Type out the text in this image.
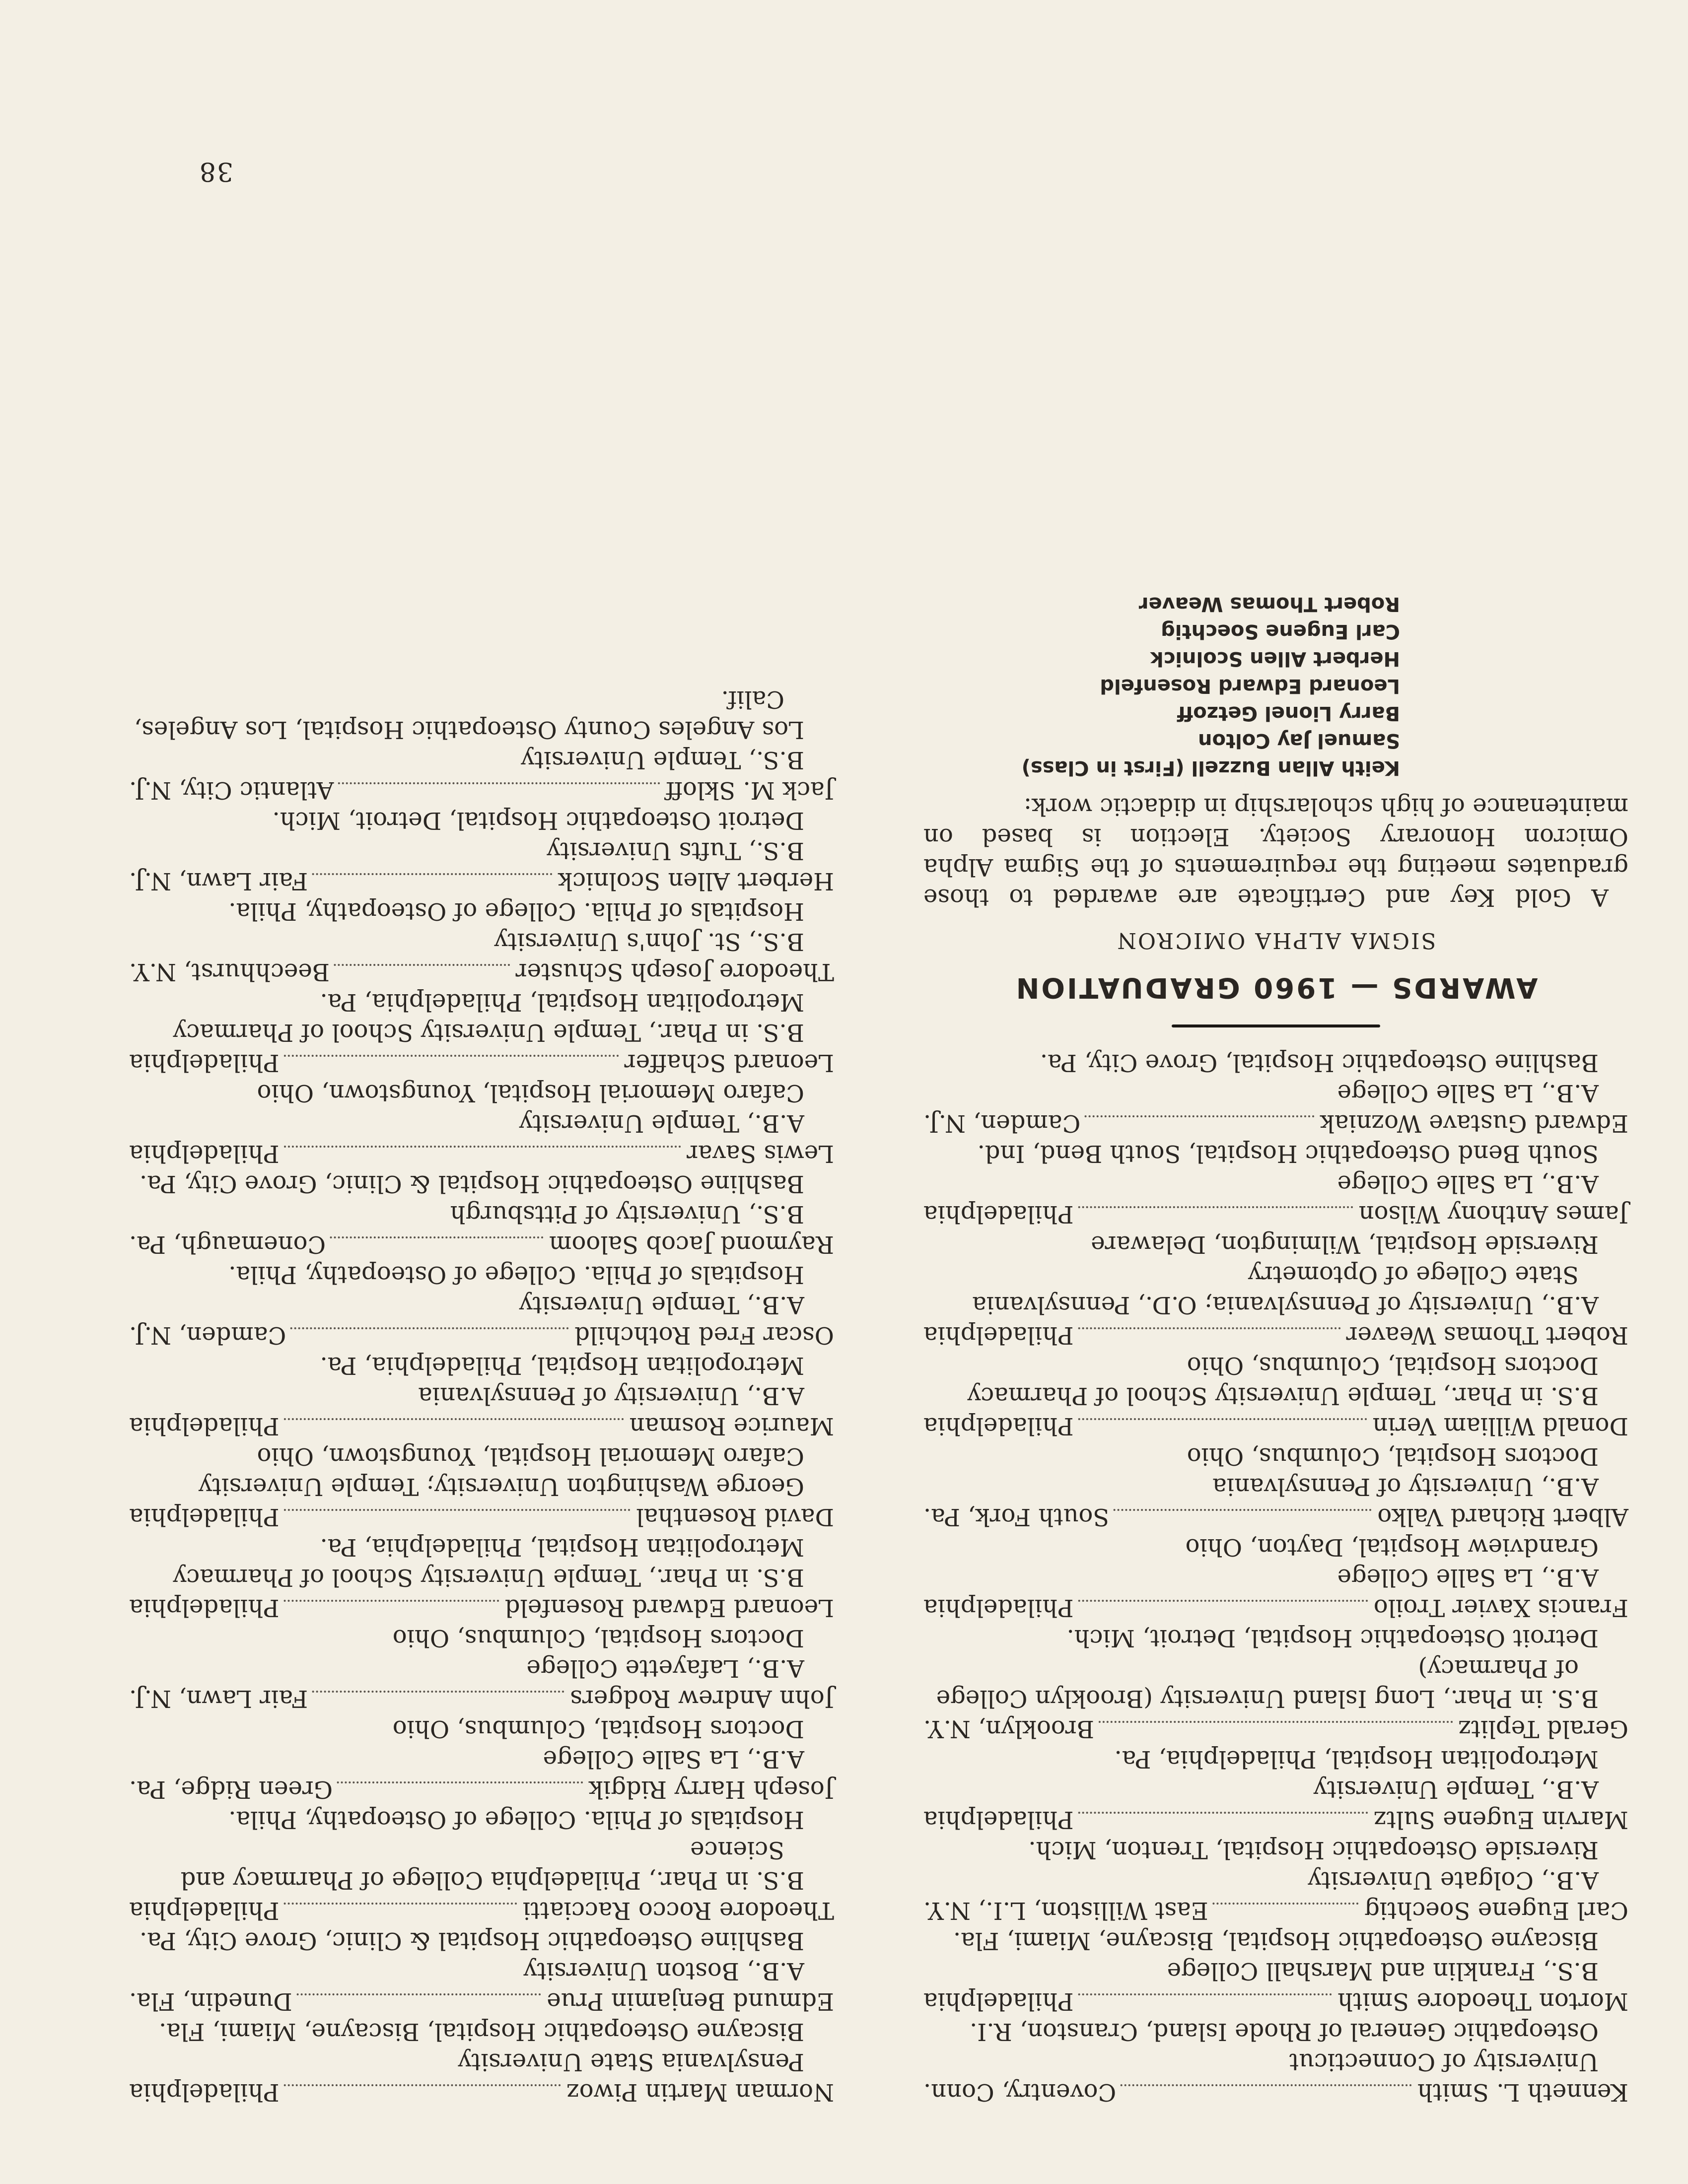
Kenneth L. Smith
Coventry, Conn.
University of Connecticut
Osteopathic General of Rhode Island, Cranston, R.I.
Morton Theodore Smith
Philadelphia
B.S., Franklin and Marshall College
Biscayne Osteopathic Hospital, Biscayne, Miami, Fla.
Carl Eugene Soechtig
East Williston, L.I., N.Y.
A.B., Colgate University
Riverside Osteopathic Hospital, Trenton, Mich.
Marvin Eugene Sultz
Philadelphia
A.B., Temple University
Metropolitan Hospital, Philadelphia, Pa.
Gerald Teplitz
Brooklyn, N.Y.
B.S. in Phar., Long Island University (Brooklyn College of Pharmacy)
Detroit Osteopathic Hospital, Detroit, Mich.
Francis Xavier Troilo
Philadelphia
A.B., La Salle College
Grandview Hospital, Dayton, Ohio
Albert Richard Valko
South Fork, Pa.
A.B., University of Pennsylvania
Doctors Hospital, Columbus, Ohio
Donald William Verin
Philadelphia
B.S. in Phar., Temple University School of Pharmacy
Doctors Hospital, Columbus, Ohio
Robert Thomas Weaver
Philadelphia
A.B., University of Pennsylvania; O.D., Pennsylvania State College of Optometry
Riverside Hospital, Wilmington, Delaware
James Anthony Wilson
Philadelphia
A.B., La Salle College
South Bend Osteopathic Hospital, South Bend, Ind.
Edward Gustave Wozniak
Camden, N.J.
A.B., La Salle College
Bashline Osteopathic Hospital, Grove City, Pa.
AWARDS — 1960 GRADUATION
SIGMA ALPHA OMICRON
A Gold Key and Certificate are awarded to those graduates meeting the requirements of the Sigma Alpha Omicron Honorary Society. Election is based on maintenance of high scholarship in didactic work:
Keith Allan Buzzell (First in Class)
Samuel Jay Colton
Barry Lionel Getzoff
Leonard Edward Rosenfeld
Herbert Allen Scolnick
Carl Eugene Soechtig
Robert Thomas Weaver
Norman Martin Piwoz
Philadelphia
Pensylvania State University
Biscayne Osteopathic Hospital, Biscayne, Miami, Fla.
Edmund Benjamin Prue
Dunedin, Fla.
A.B., Boston University
Bashline Osteopathic Hospital & Clinic, Grove City, Pa.
Theodore Rocco Racciatti
Philadelphia
B.S. in Phar., Philadelphia College of Pharmacy and Science
Hospitals of Phila. College of Osteopathy, Phila.
Joseph Harry Ridgik
Green Ridge, Pa.
A.B., La Salle College
Doctors Hospital, Columbus, Ohio
John Andrew Rodgers
Fair Lawn, N.J.
A.B., Lafayette College
Doctors Hospital, Columbus, Ohio
Leonard Edward Rosenfeld
Philadelphia
B.S. in Phar., Temple University School of Pharmacy
Metropolitan Hospital, Philadelphia, Pa.
David Rosenthal
Philadelphia
George Washington University; Temple University
Cafaro Memorial Hospital, Youngstown, Ohio
Maurice Rosman
Philadelphia
A.B., University of Pennsylvania
Metropolitan Hospital, Philadelphia, Pa.
Oscar Fred Rothchild
Camden, N.J.
A.B., Temple University
Hospitals of Phila. College of Osteopathy, Phila.
Raymond Jacob Saloom
Conemaugh, Pa.
B.S., University of Pittsburgh
Bashline Osteopathic Hospital & Clinic, Grove City, Pa.
Lewis Savar
Philadelphia
A.B., Temple University
Cafaro Memorial Hospital, Youngstown, Ohio
Leonard Schaffer
Philadelphia
B.S. in Phar., Temple University School of Pharmacy
Metropolitan Hospital, Philadelphia, Pa.
Theodore Joseph Schuster
Beechhurst, N.Y.
B.S., St. John's University
Hospitals of Phila. College of Osteopathy, Phila.
Herbert Allen Scolnick
Fair Lawn, N.J.
B.S., Tufts University
Detroit Osteopathic Hospital, Detroit, Mich.
Jack M. Skloff
Atlantic City, N.J.
B.S., Temple University
Los Angeles County Osteopathic Hospital, Los Angeles, Calif.
38
